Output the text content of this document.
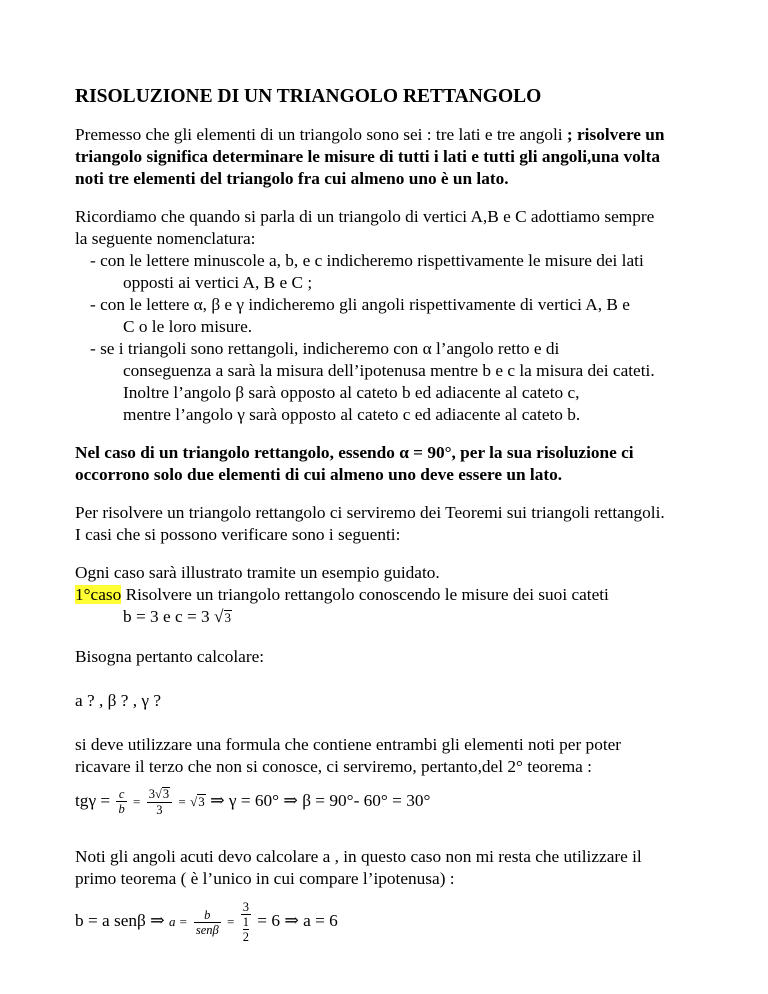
RISOLUZIONE DI UN TRIANGOLO RETTANGOLO

Premesso che gli elementi di un triangolo sono sei : tre lati e tre angoli ; risolvere un

triangolo significa determinare le misure di tutti i lati e tutti gli angoli,una volta

noti tre elementi del triangolo fra cui almeno uno è un lato.

Ricordiamo che quando si parla di un triangolo di vertici A,B e C adottiamo sempre

la seguente nomenclatura:

- con le lettere minuscole a, b, e c indicheremo rispettivamente le misure dei lati

opposti ai vertici A, B e C ;

- con le lettere α, β e γ indicheremo gli angoli rispettivamente di vertici A, B e

C o le loro misure.

- se i triangoli sono rettangoli, indicheremo con α l’angolo retto e di

conseguenza a sarà la misura dell’ipotenusa mentre b e c la misura dei cateti.

Inoltre l’angolo β sarà opposto al cateto b ed adiacente al cateto c,

mentre l’angolo γ sarà opposto al cateto c ed adiacente al cateto b.

Nel caso di un triangolo rettangolo, essendo α = 90°, per la sua risoluzione ci

occorrono solo due elementi di cui almeno uno deve essere un lato.

Per risolvere un triangolo rettangolo ci serviremo dei Teoremi sui triangoli rettangoli.

I casi che si possono verificare sono i seguenti:

Ogni caso sarà illustrato tramite un esempio guidato.

1°caso Risolvere un triangolo rettangolo conoscendo le misure dei suoi cateti

b = 3 e c = 3 √3

Bisogna pertanto calcolare:

a ? , β ? , γ ?

si deve utilizzare una formula che contiene entrambi gli elementi noti per poter

ricavare il terzo che non si conosce, ci serviremo, pertanto,del 2° teorema :

$tg\gamma = \frac{c}{b} = \frac{3√3}{3} = √3$ ⇒ γ = 60° ⇒ β = 90°- 60° = 30°

Noti gli angoli acuti devo calcolare a , in questo caso non mi resta che utilizzare il

primo teorema ( è l’unico in cui compare l’ipotenusa) :

b = a senβ ⇒ $a = \frac{b}{\text{senβ}} = 3$
1
2 = 6 ⇒ a = 6
